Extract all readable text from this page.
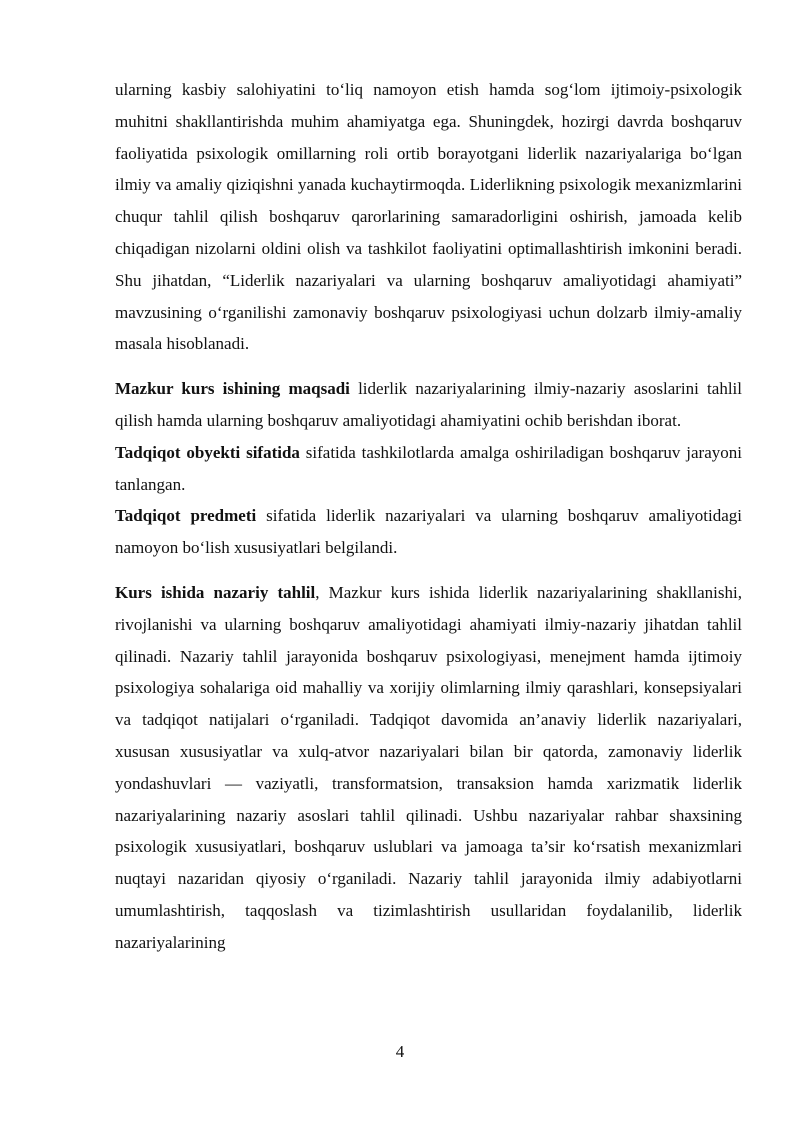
ularning kasbiy salohiyatini to‘liq namoyon etish hamda sog‘lom ijtimoiy-psixologik muhitni shakllantirishda muhim ahamiyatga ega. Shuningdek, hozirgi davrda boshqaruv faoliyatida psixologik omillarning roli ortib borayotgani liderlik nazariyalariga bo‘lgan ilmiy va amaliy qiziqishni yanada kuchaytirmoqda. Liderlikning psixologik mexanizmlarini chuqur tahlil qilish boshqaruv qarorlarining samaradorligini oshirish, jamoada kelib chiqadigan nizolarni oldini olish va tashkilot faoliyatini optimallashtirish imkonini beradi. Shu jihatdan, “Liderlik nazariyalari va ularning boshqaruv amaliyotidagi ahamiyati” mavzusining o‘rganilishi zamonaviy boshqaruv psixologiyasi uchun dolzarb ilmiy-amaliy masala hisoblanadi.

Mazkur kurs ishining maqsadi liderlik nazariyalarining ilmiy-nazariy asoslarini tahlil qilish hamda ularning boshqaruv amaliyotidagi ahamiyatini ochib berishdan iborat.

Tadqiqot obyekti sifatida sifatida tashkilotlarda amalga oshiriladigan boshqaruv jarayoni tanlangan.

Tadqiqot predmeti sifatida liderlik nazariyalari va ularning boshqaruv amaliyotidagi namoyon bo‘lish xususiyatlari belgilandi.

Kurs ishida nazariy tahlil, Mazkur kurs ishida liderlik nazariyalarining shakllanishi, rivojlanishi va ularning boshqaruv amaliyotidagi ahamiyati ilmiy-nazariy jihatdan tahlil qilinadi. Nazariy tahlil jarayonida boshqaruv psixologiyasi, menejment hamda ijtimoiy psixologiya sohalariga oid mahalliy va xorijiy olimlarning ilmiy qarashlari, konsepsiyalari va tadqiqot natijalari o‘rganiladi. Tadqiqot davomida an’anaviy liderlik nazariyalari, xususan xususiyatlar va xulq-atvor nazariyalari bilan bir qatorda, zamonaviy liderlik yondashuvlari — vaziyatli, transformatsion, transaksion hamda xarizmatik liderlik nazariyalarining nazariy asoslari tahlil qilinadi. Ushbu nazariyalar rahbar shaxsining psixologik xususiyatlari, boshqaruv uslublari va jamoaga ta’sir ko‘rsatish mexanizmlari nuqtayi nazaridan qiyosiy o‘rganiladi. Nazariy tahlil jarayonida ilmiy adabiyotlarni umumlashtirish, taqqoslash va tizimlashtirish usullaridan foydalanilib, liderlik nazariyalarining

4
